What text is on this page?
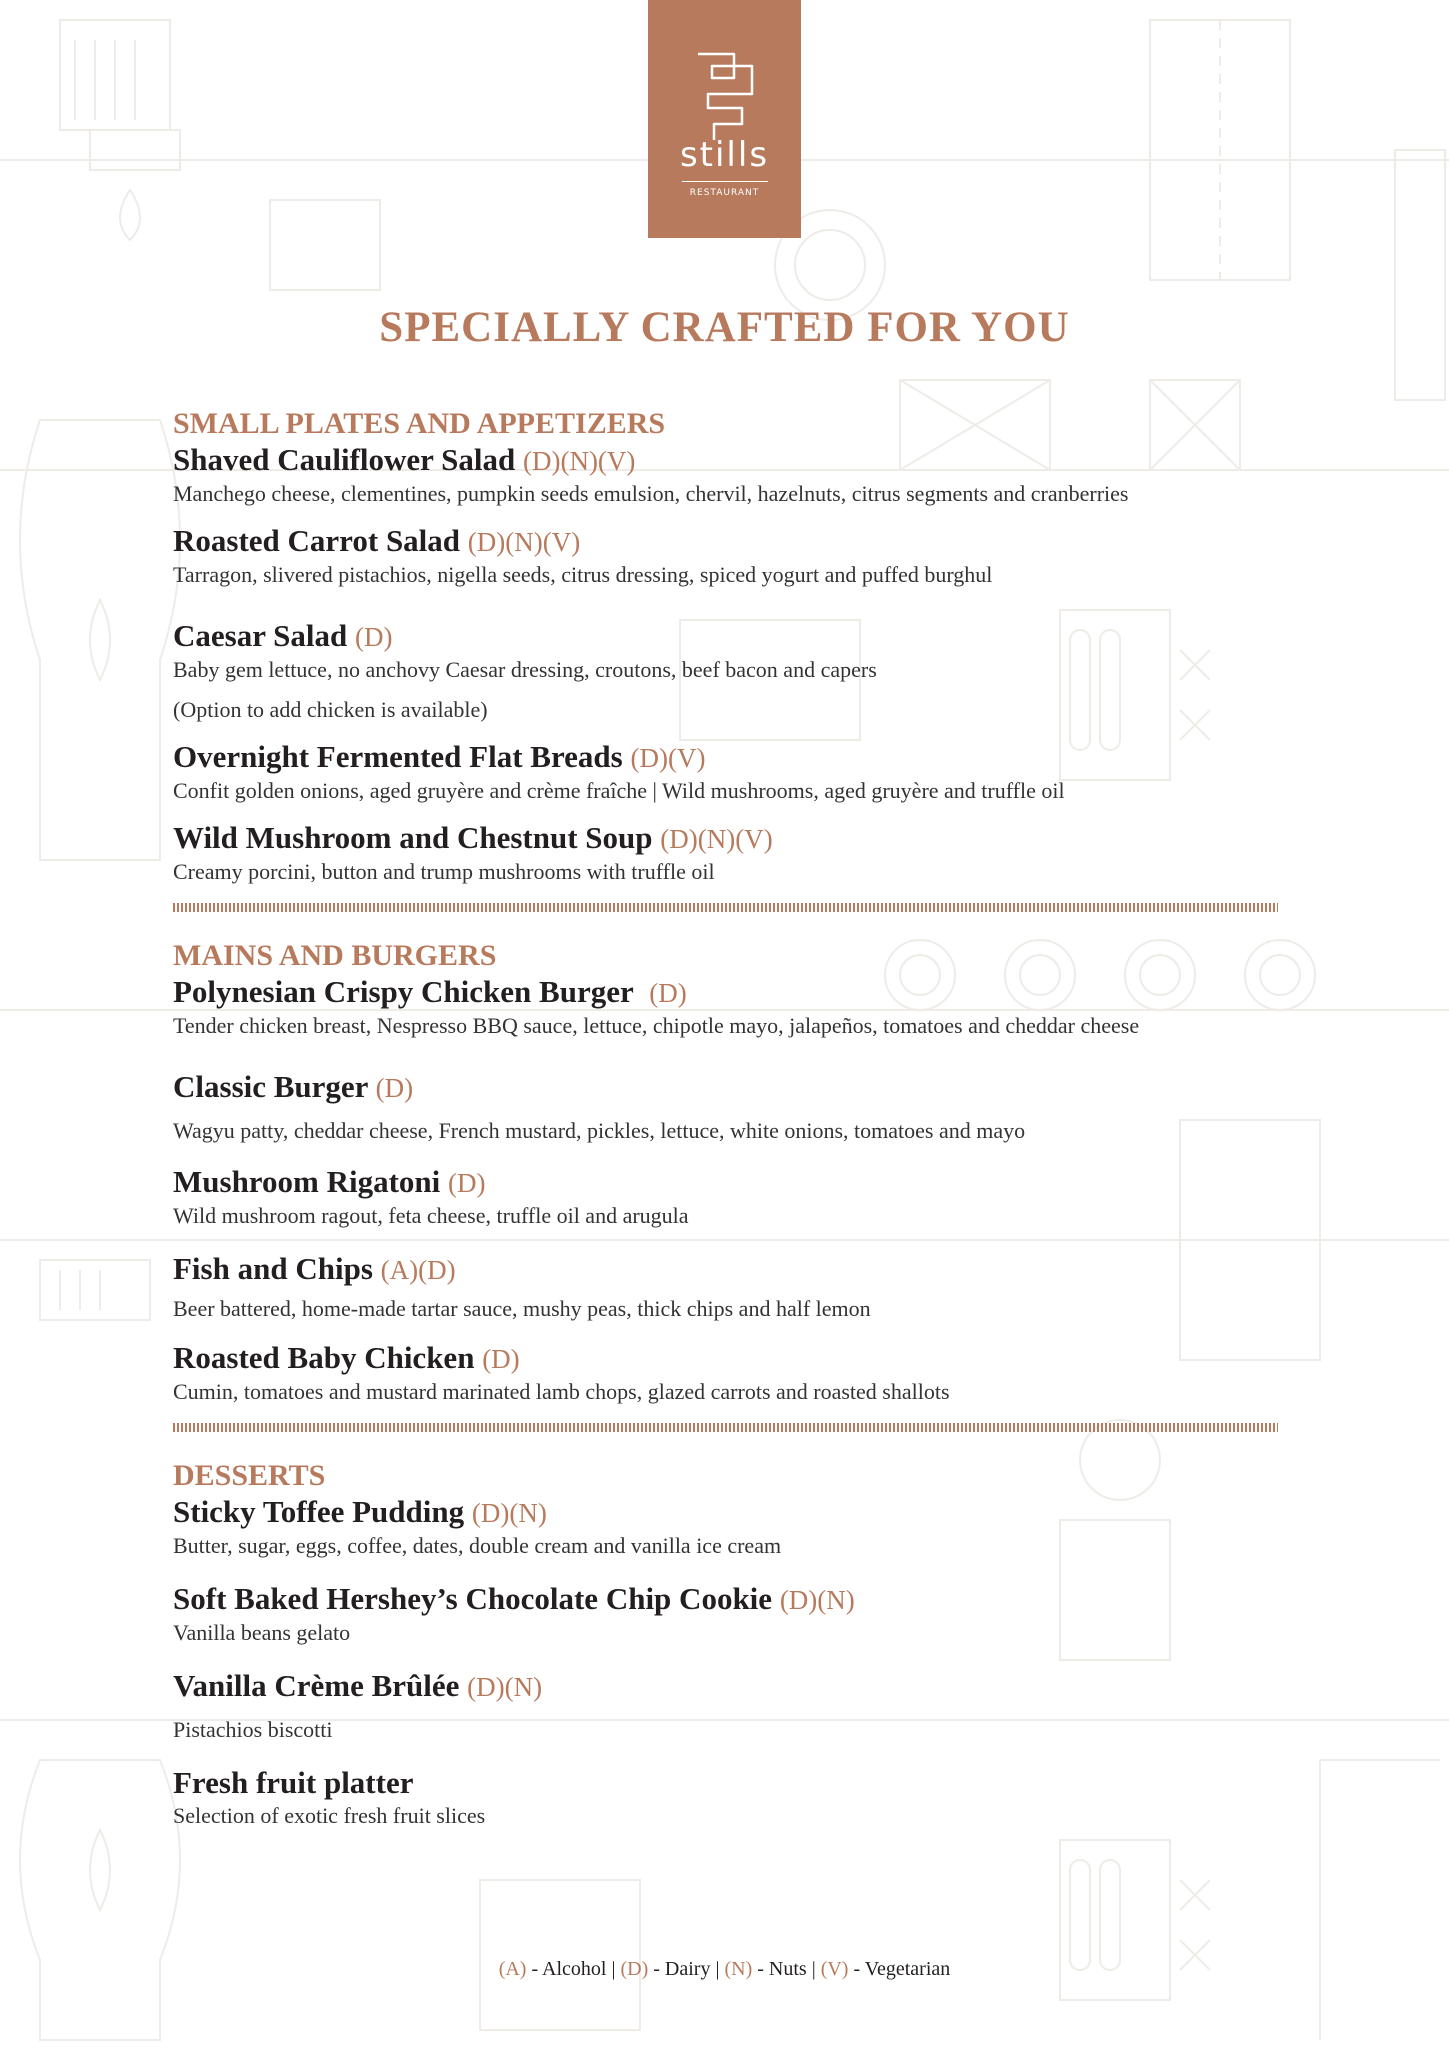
stills
RESTAURANT
SPECIALLY CRAFTED FOR YOU
SMALL PLATES AND APPETIZERS
Shaved Cauliflower Salad (D)(N)(V)
Manchego cheese, clementines, pumpkin seeds emulsion, chervil, hazelnuts, citrus segments and cranberries
Roasted Carrot Salad (D)(N)(V)
Tarragon, slivered pistachios, nigella seeds, citrus dressing, spiced yogurt and puffed burghul
Caesar Salad (D)
Baby gem lettuce, no anchovy Caesar dressing, croutons, beef bacon and capers
(Option to add chicken is available)
Overnight Fermented Flat Breads (D)(V)
Confit golden onions, aged gruyère and crème fraîche | Wild mushrooms, aged gruyère and truffle oil
Wild Mushroom and Chestnut Soup (D)(N)(V)
Creamy porcini, button and trump mushrooms with truffle oil
MAINS AND BURGERS
Polynesian Crispy Chicken Burger (D)
Tender chicken breast, Nespresso BBQ sauce, lettuce, chipotle mayo, jalapeños, tomatoes and cheddar cheese
Classic Burger (D)
Wagyu patty, cheddar cheese, French mustard, pickles, lettuce, white onions, tomatoes and mayo
Mushroom Rigatoni (D)
Wild mushroom ragout, feta cheese, truffle oil and arugula
Fish and Chips (A)(D)
Beer battered, home-made tartar sauce, mushy peas, thick chips and half lemon
Roasted Baby Chicken (D)
Cumin, tomatoes and mustard marinated lamb chops, glazed carrots and roasted shallots
DESSERTS
Sticky Toffee Pudding (D)(N)
Butter, sugar, eggs, coffee, dates, double cream and vanilla ice cream
Soft Baked Hershey’s Chocolate Chip Cookie (D)(N)
Vanilla beans gelato
Vanilla Crème Brûlée (D)(N)
Pistachios biscotti
Fresh fruit platter
Selection of exotic fresh fruit slices
(A) - Alcohol | (D) - Dairy | (N) - Nuts | (V) - Vegetarian
